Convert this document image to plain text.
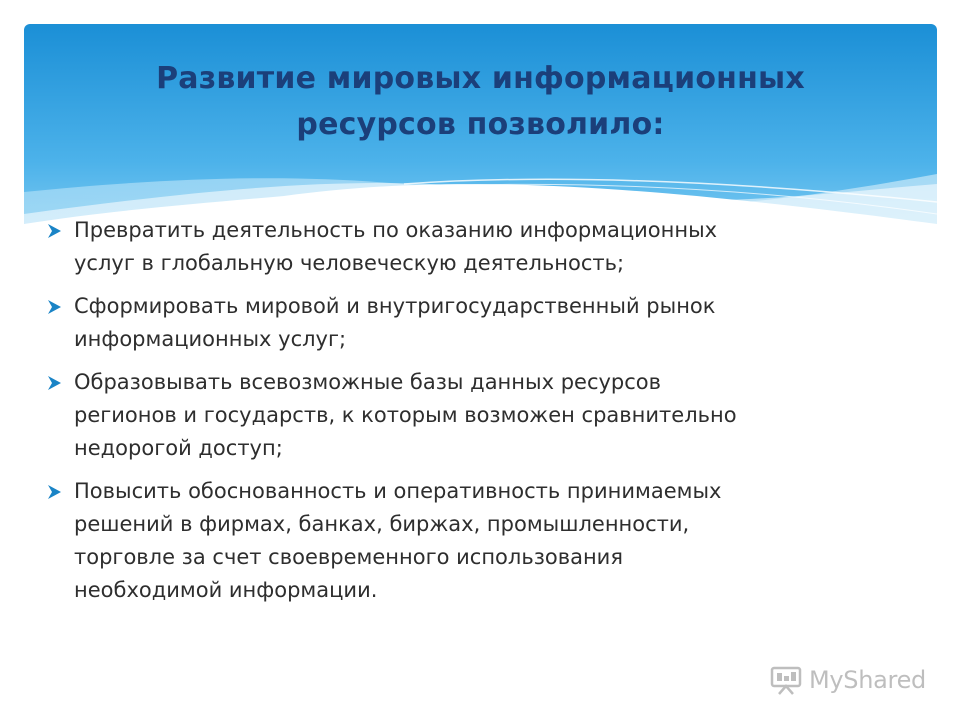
Развитие мировых информационных
ресурсов позволило:
Превратить деятельность по оказанию информационных
услуг в глобальную человеческую деятельность;
Сформировать мировой и внутригосударственный рынок
информационных услуг;
Образовывать всевозможные базы данных ресурсов
регионов и государств, к которым возможен сравнительно
недорогой доступ;
Повысить обоснованность и оперативность принимаемых
решений в фирмах, банках, биржах, промышленности,
торговле за счет своевременного использования
необходимой информации.
MyShared
